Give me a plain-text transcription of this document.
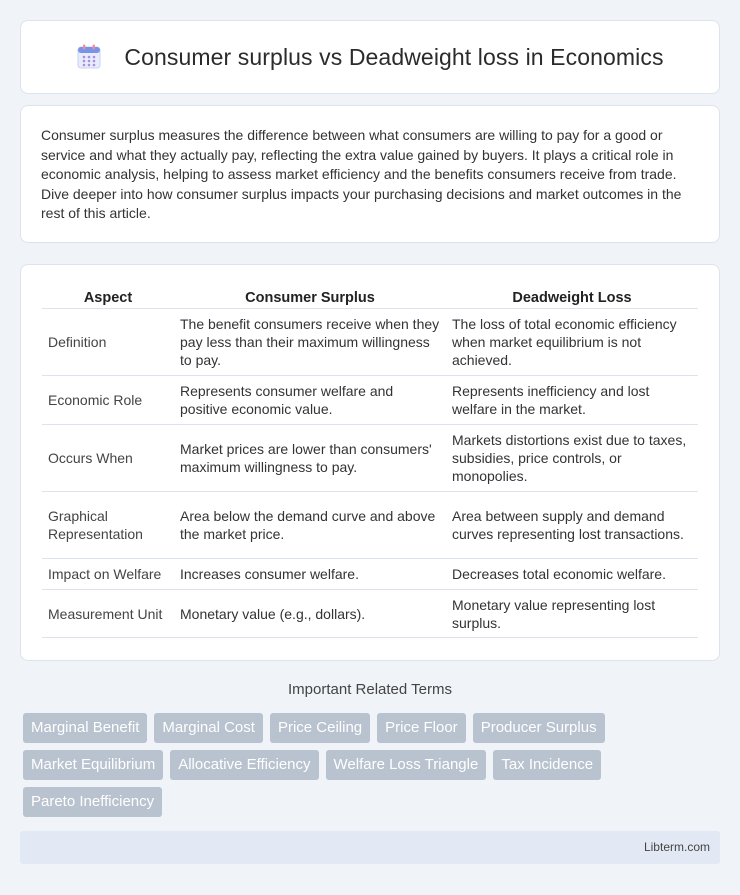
Consumer surplus vs Deadweight loss in Economics

Consumer surplus measures the difference between what consumers are willing to pay for a good or service and what they actually pay, reflecting the extra value gained by buyers. It plays a critical role in economic analysis, helping to assess market efficiency and the benefits consumers receive from trade. Dive deeper into how consumer surplus impacts your purchasing decisions and market outcomes in the rest of this article.

Aspect	Consumer Surplus	Deadweight Loss
Definition	The benefit consumers receive when they pay less than their maximum willingness to pay.	The loss of total economic efficiency when market equilibrium is not achieved.
Economic Role	Represents consumer welfare and positive economic value.	Represents inefficiency and lost welfare in the market.
Occurs When	Market prices are lower than consumers' maximum willingness to pay.	Markets distortions exist due to taxes, subsidies, price controls, or monopolies.
Graphical Representation	Area below the demand curve and above the market price.	Area between supply and demand curves representing lost transactions.
Impact on Welfare	Increases consumer welfare.	Decreases total economic welfare.
Measurement Unit	Monetary value (e.g., dollars).	Monetary value representing lost surplus.
Important Related Terms
Marginal Benefit	Marginal Cost	Price Ceiling	Price Floor	Producer Surplus
Market Equilibrium	Allocative Efficiency	Welfare Loss Triangle	Tax Incidence
Pareto Inefficiency
Libterm.com
